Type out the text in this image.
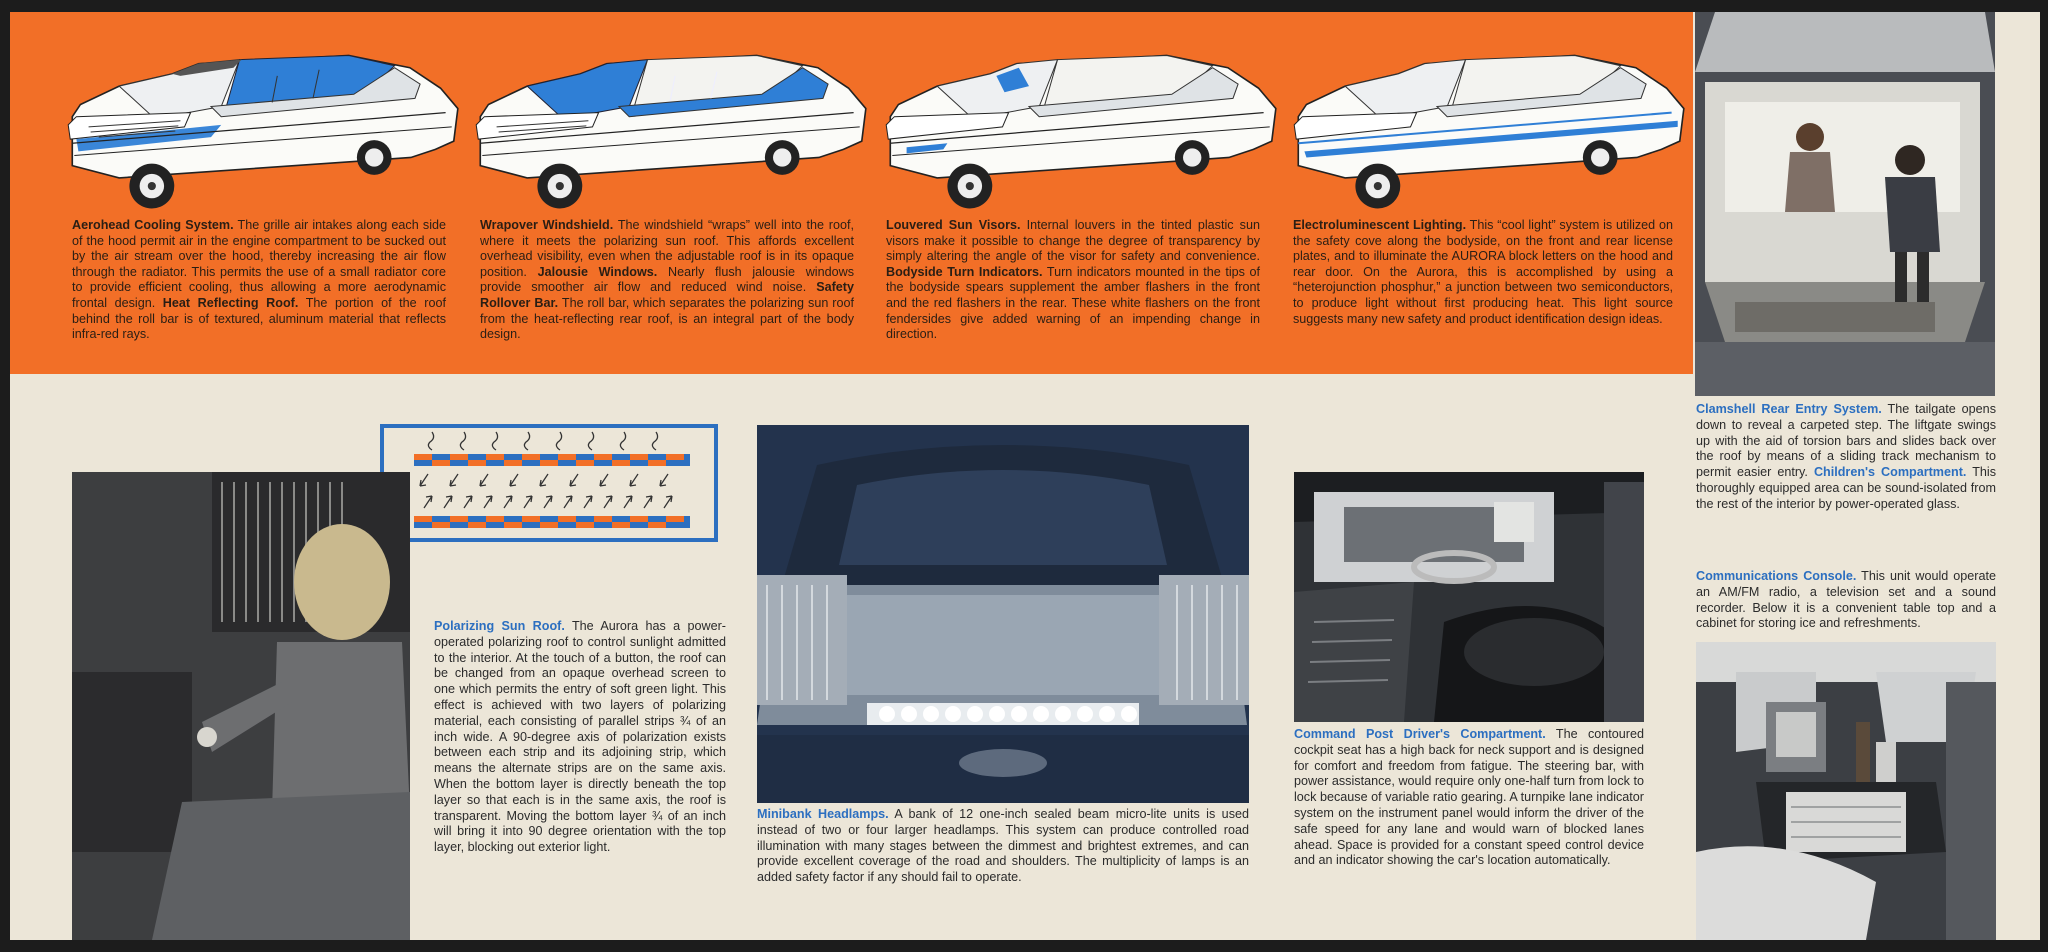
Aerohead Cooling System. The grille air intakes along each side of the hood permit air in the engine compartment to be sucked out by the air stream over the hood, thereby increasing the air flow through the radiator. This permits the use of a small radiator core to provide efficient cooling, thus allowing a more aerodynamic frontal design. Heat Reflecting Roof. The portion of the roof behind the roll bar is of textured, aluminum material that reflects infra-red rays.
Wrapover Windshield. The windshield “wraps” well into the roof, where it meets the polarizing sun roof. This affords excellent overhead visibility, even when the adjustable roof is in its opaque position. Jalousie Windows. Nearly flush jalousie windows provide smoother air flow and reduced wind noise. Safety Rollover Bar. The roll bar, which separates the polarizing sun roof from the heat-reflecting rear roof, is an integral part of the body design.
Louvered Sun Visors. Internal louvers in the tinted plastic sun visors make it possible to change the degree of transparency by simply altering the angle of the visor for safety and convenience. Bodyside Turn Indicators. Turn indicators mounted in the tips of the bodyside spears supplement the amber flashers in the front and the red flashers in the rear. These white flashers on the front fendersides give added warning of an impending change in direction.
Electroluminescent Lighting. This “cool light” system is utilized on the safety cove along the bodyside, on the front and rear license plates, and to illuminate the AURORA block letters on the hood and rear door. On the Aurora, this is accomplished by using a “heterojunction phosphur,” a junction between two semiconductors, to produce light without first producing heat. This light source suggests many new safety and product identification design ideas.
Clamshell Rear Entry System. The tailgate opens down to reveal a carpeted step. The liftgate swings up with the aid of torsion bars and slides back over the roof by means of a sliding track mechanism to permit easier entry. Children's Compartment. This thoroughly equipped area can be sound-isolated from the rest of the interior by power-operated glass.
Communications Console. This unit would operate an AM/FM radio, a television set and a sound recorder. Below it is a convenient table top and a cabinet for storing ice and refreshments.
Polarizing Sun Roof. The Aurora has a power-operated polarizing roof to control sunlight admitted to the interior. At the touch of a button, the roof can be changed from an opaque overhead screen to one which permits the entry of soft green light. This effect is achieved with two layers of polarizing material, each consisting of parallel strips ¾ of an inch wide. A 90-degree axis of polarization exists between each strip and its adjoining strip, which means the alternate strips are on the same axis. When the bottom layer is directly beneath the top layer so that each is in the same axis, the roof is transparent. Moving the bottom layer ¾ of an inch will bring it into 90 degree orientation with the top layer, blocking out exterior light.
Minibank Headlamps. A bank of 12 one-inch sealed beam micro-lite units is used instead of two or four larger headlamps. This system can produce controlled road illumination with many stages between the dimmest and brightest extremes, and can provide excellent coverage of the road and shoulders. The multiplicity of lamps is an added safety factor if any should fail to operate.
Command Post Driver's Compartment. The contoured cockpit seat has a high back for neck support and is designed for comfort and freedom from fatigue. The steering bar, with power assistance, would require only one-half turn from lock to lock because of variable ratio gearing. A turnpike lane indicator system on the instrument panel would inform the driver of the safe speed for any lane and would warn of blocked lanes ahead. Space is provided for a constant speed control device and an indicator showing the car's location automatically.
